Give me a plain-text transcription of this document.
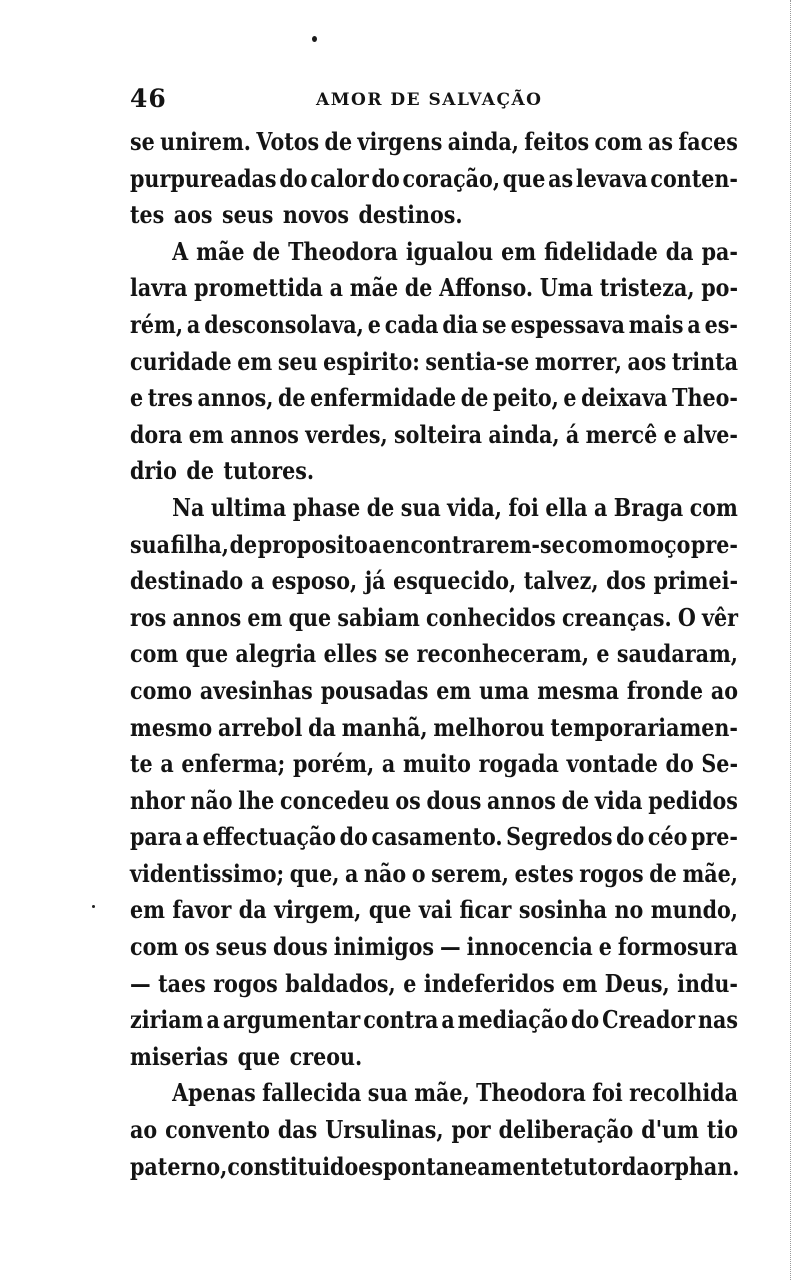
46	AMOR DE SALVAÇÃO
se unirem. Votos de virgens ainda, feitos com as faces
purpureadas do calor do coração, que as levava conten-
tes aos seus novos destinos.
A mãe de Theodora igualou em fidelidade da pa-
lavra promettida a mãe de Affonso. Uma tristeza, po-
rém, a desconsolava, e cada dia se espessava mais a es-
curidade em seu espirito: sentia-se morrer, aos trinta
e tres annos, de enfermidade de peito, e deixava Theo-
dora em annos verdes, solteira ainda, á mercê e alve-
drio de tutores.
Na ultima phase de sua vida, foi ella a Braga com
sua filha, de proposito a encontrarem-se com o moço pre-
destinado a esposo, já esquecido, talvez, dos primei-
ros annos em que sabiam conhecidos creanças. O vêr
com que alegria elles se reconheceram, e saudaram,
como avesinhas pousadas em uma mesma fronde ao
mesmo arrebol da manhã, melhorou temporariamen-
te a enferma; porém, a muito rogada vontade do Se-
nhor não lhe concedeu os dous annos de vida pedidos
para a effectuação do casamento. Segredos do céo pre-
videntissimo; que, a não o serem, estes rogos de mãe,
em favor da virgem, que vai ficar sosinha no mundo,
com os seus dous inimigos — innocencia e formosura
— taes rogos baldados, e indeferidos em Deus, indu-
ziriam a argumentar contra a mediação do Creador nas
miserias que creou.
Apenas fallecida sua mãe, Theodora foi recolhida
ao convento das Ursulinas, por deliberação d'um tio
paterno, constituido espontaneamente tutor da orphan.
